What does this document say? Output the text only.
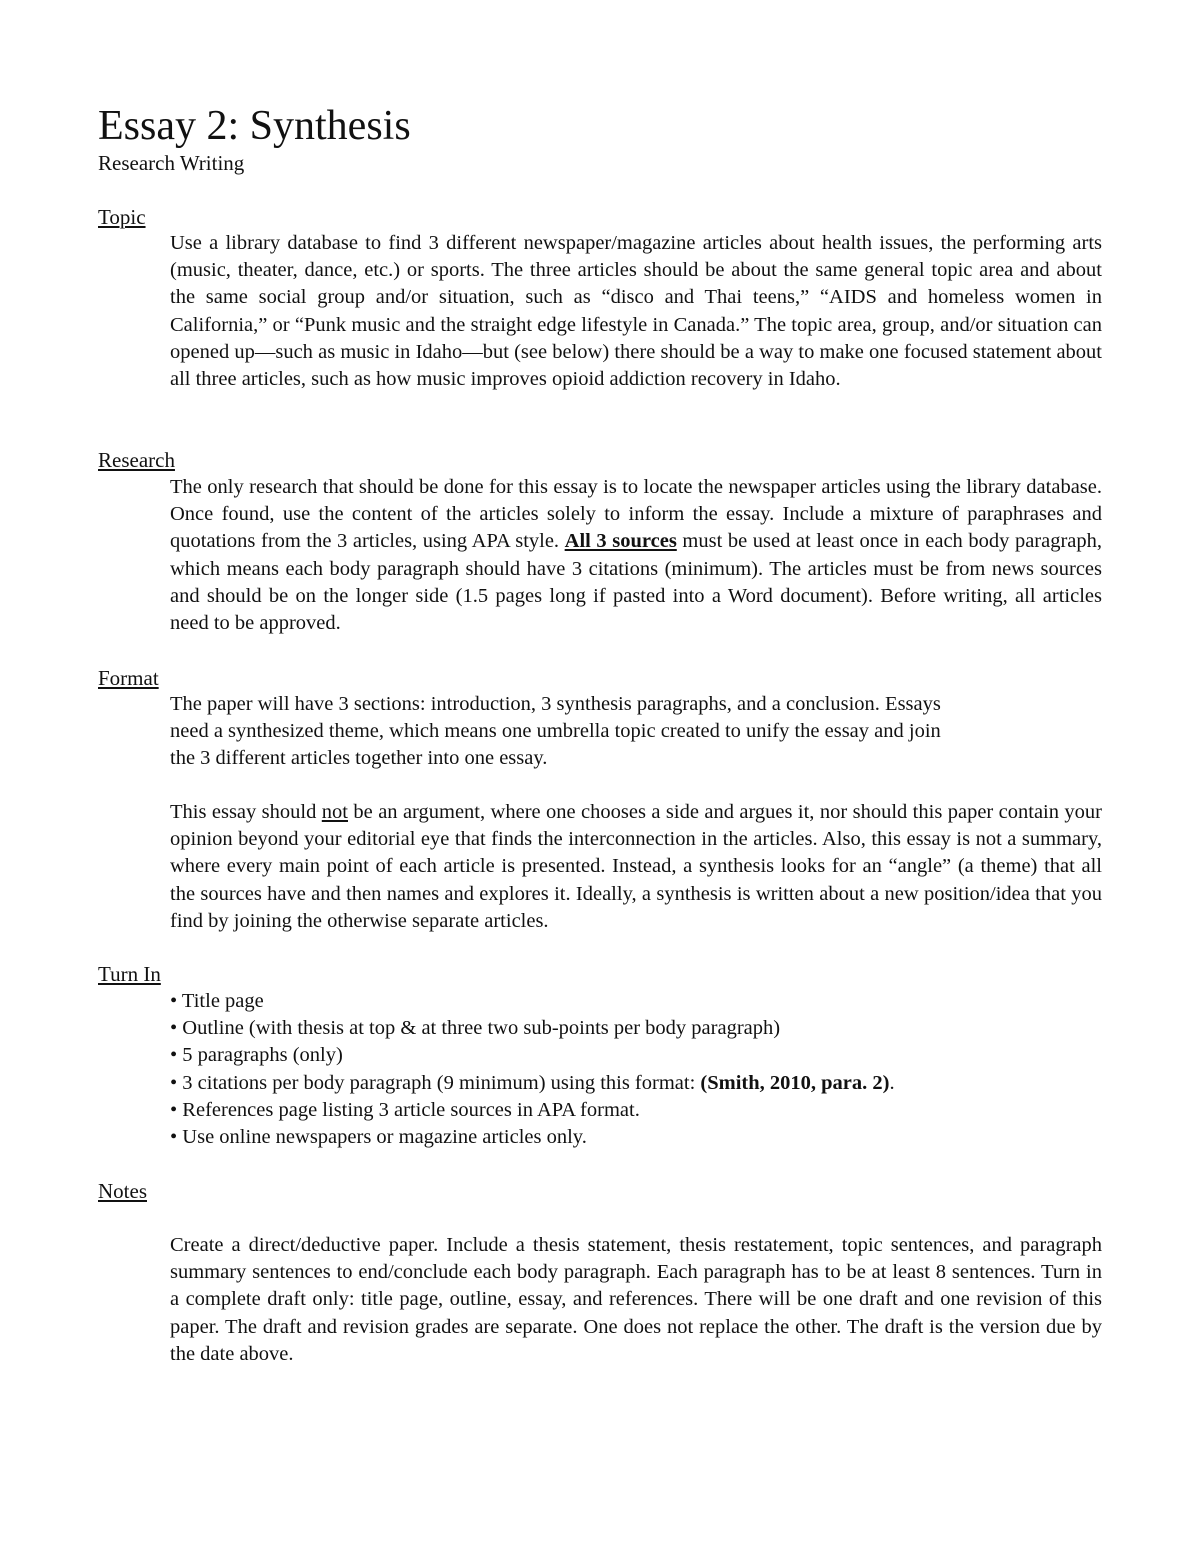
Essay 2: Synthesis

Research Writing

Topic

Use a library database to find 3 different newspaper/magazine articles about health issues, the performing arts (music, theater, dance, etc.) or sports. The three articles should be about the same general topic area and about the same social group and/or situation, such as “disco and Thai teens,” “AIDS and homeless women in California,” or “Punk music and the straight edge lifestyle in Canada.” The topic area, group, and/or situation can opened up—such as music in Idaho—but (see below) there should be a way to make one focused statement about all three articles, such as how music improves opioid addiction recovery in Idaho.

Research

The only research that should be done for this essay is to locate the newspaper articles using the library database. Once found, use the content of the articles solely to inform the essay. Include a mixture of paraphrases and quotations from the 3 articles, using APA style. All 3 sources must be used at least once in each body paragraph, which means each body paragraph should have 3 citations (minimum). The articles must be from news sources and should be on the longer side (1.5 pages long if pasted into a Word document). Before writing, all articles need to be approved.

Format

The paper will have 3 sections: introduction, 3 synthesis paragraphs, and a conclusion. Essays
need a synthesized theme, which means one umbrella topic created to unify the essay and join
the 3 different articles together into one essay.

This essay should not be an argument, where one chooses a side and argues it, nor should this paper contain your opinion beyond your editorial eye that finds the interconnection in the articles. Also, this essay is not a summary, where every main point of each article is presented. Instead, a synthesis looks for an “angle” (a theme) that all the sources have and then names and explores it. Ideally, a synthesis is written about a new position/idea that you find by joining the otherwise separate articles.

Turn In

• Title page
• Outline (with thesis at top & at three two sub-points per body paragraph)
• 5 paragraphs (only)
• 3 citations per body paragraph (9 minimum) using this format: (Smith, 2010, para. 2).
• References page listing 3 article sources in APA format.
• Use online newspapers or magazine articles only.

Notes

Create a direct/deductive paper. Include a thesis statement, thesis restatement, topic sentences, and paragraph summary sentences to end/conclude each body paragraph. Each paragraph has to be at least 8 sentences. Turn in a complete draft only: title page, outline, essay, and references. There will be one draft and one revision of this paper. The draft and revision grades are separate. One does not replace the other. The draft is the version due by the date above.
